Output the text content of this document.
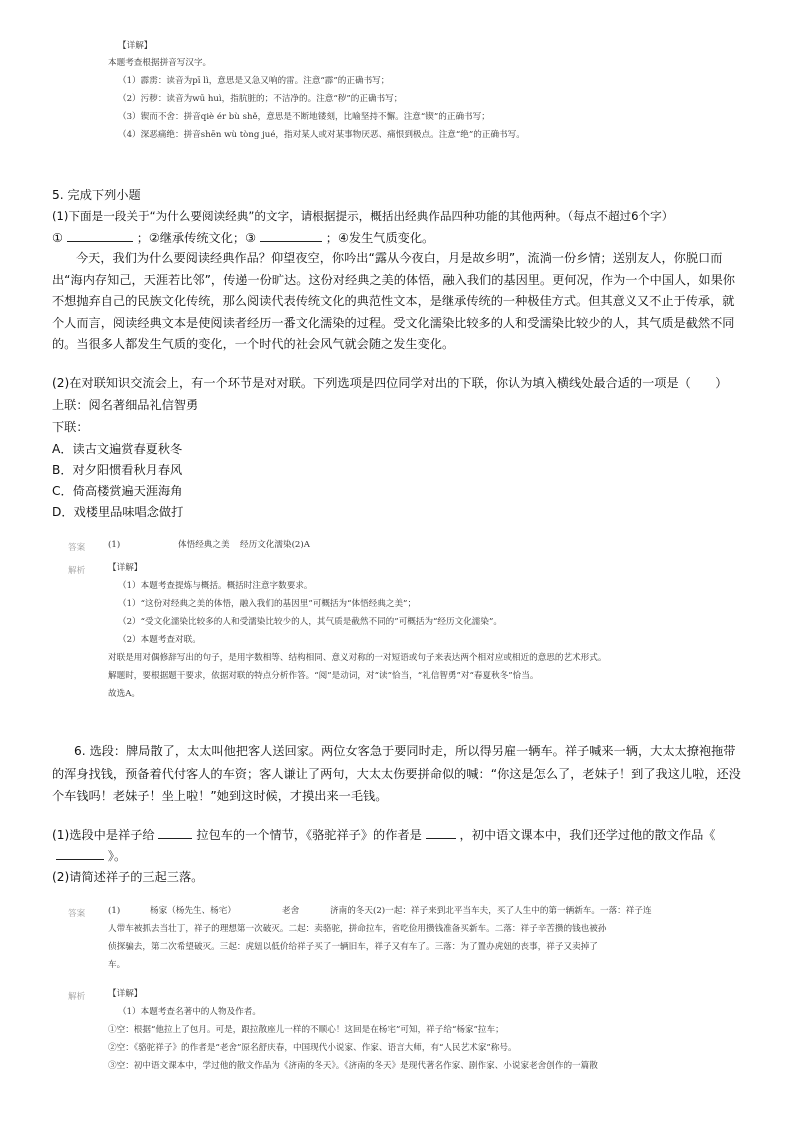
【详解】
本题考查根据拼音写汉字。
（1）霹雳：读音为pī lì，意思是又急又响的雷。注意“霹”的正确书写；
（2）污秽：读音为wū huì，指肮脏的；不洁净的。注意“秽”的正确书写；
（3）锲而不舍：拼音qiè ér bù shě，意思是不断地镂刻，比喻坚持不懈。注意“锲”的正确书写；
（4）深恶痛绝：拼音shēn wù tòng jué，指对某人或对某事物厌恶、痛恨到极点。注意“绝”的正确书写。
5. 完成下列小题
(1)下面是一段关于“为什么要阅读经典”的文字，请根据提示，概括出经典作品四种功能的其他两种。（每点不超过6个字）
①	；②继承传统文化；③	；④发生气质变化。
今天，我们为什么要阅读经典作品？仰望夜空，你吟出“露从今夜白，月是故乡明”，流淌一份乡情；送别友人，你脱口而出“海内存知己，天涯若比邻”，传递一份旷达。这份对经典之美的体悟，融入我们的基因里。更何况，作为一个中国人，如果你不想抛弃自己的民族文化传统，那么阅读代表传统文化的典范性文本，是继承传统的一种极佳方式。但其意义又不止于传承，就个人而言，阅读经典文本是使阅读者经历一番文化濡染的过程。受文化濡染比较多的人和受濡染比较少的人，其气质是截然不同的。当很多人都发生气质的变化，一个时代的社会风气就会随之发生变化。
(2)在对联知识交流会上，有一个环节是对对联。下列选项是四位同学对出的下联，你认为填入横线处最合适的一项是（　　）
上联：阅名著细品礼信智勇
下联：
A．读古文遍赏春夏秋冬
B．对夕阳惯看秋月春风
C．倚高楼赏遍天涯海角
D．戏楼里品味唱念做打
答案	(1)	体悟经典之美 经历文化濡染(2)A
解析	【详解】
（1）本题考查提炼与概括。概括时注意字数要求。
（1）“这份对经典之美的体悟，融入我们的基因里”可概括为“体悟经典之美”；
（2）“受文化濡染比较多的人和受濡染比较少的人，其气质是截然不同的”可概括为“经历文化濡染”。
（2）本题考查对联。
对联是用对偶修辞写出的句子，是用字数相等、结构相同、意义对称的一对短语或句子来表达两个相对应或相近的意思的艺术形式。
解题时，要根据题干要求，依据对联的特点分析作答。“阅”是动词，对“读”恰当，“礼信智勇”对“春夏秋冬”恰当。
故选A。
6. 选段：牌局散了，太太叫他把客人送回家。两位女客急于要同时走，所以得另雇一辆车。祥子喊来一辆，大太太撩袍拖带的浑身找钱，预备着代付客人的车资；客人谦让了两句，大太太伤要拼命似的喊：“你这是怎么了，老妹子！到了我这儿啦，还没个车钱吗！老妹子！坐上啦！”她到这时候，才摸出来一毛钱。
(1)选段中是祥子给	拉包车的一个情节，《骆驼祥子》的作者是	，初中语文课本中，我们还学过他的散文作品《
》。
(2)请简述祥子的三起三落。
答案	(1)	杨家（杨先生、杨宅）	老舍	济南的冬天(2)一起：祥子来到北平当车夫，买了人生中的第一辆新车。一落：祥子连
人带车被抓去当壮丁，祥子的理想第一次破灭。二起：卖骆驼，拼命拉车，省吃俭用攒钱准备买新车。二落：祥子辛苦攒的钱也被孙
侦探骗去，第二次希望破灭。三起：虎妞以低价给祥子买了一辆旧车，祥子又有车了。三落：为了置办虎妞的丧事，祥子又卖掉了
车。
解析	【详解】
（1）本题考查名著中的人物及作者。
①空：根据“他拉上了包月。可是，跟拉散座儿一样的不顺心！这回是在杨宅”可知，祥子给“杨家”拉车；
②空：《骆驼祥子》的作者是“老舍”原名舒庆春，中国现代小说家、作家、语言大师，有“人民艺术家”称号。
③空：初中语文课本中，学过他的散文作品为《济南的冬天》。《济南的冬天》是现代著名作家、剧作家、小说家老舍创作的一篇散
